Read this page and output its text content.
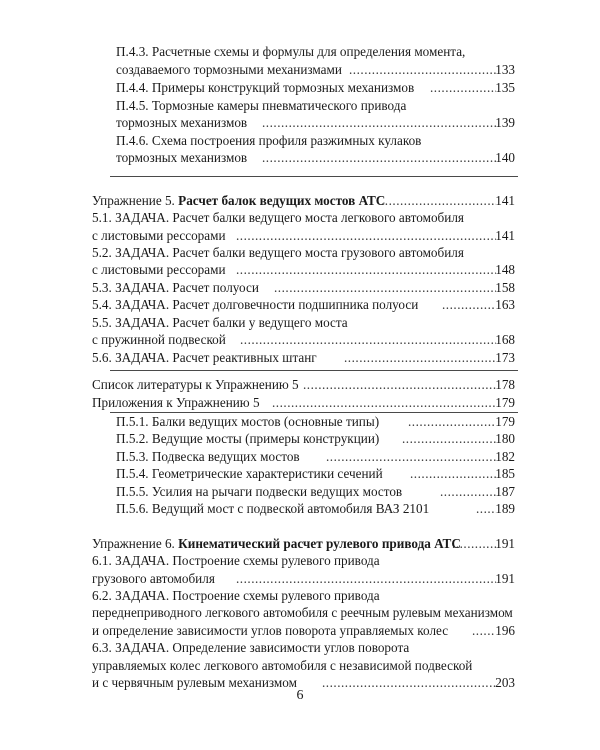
П.4.3. Расчетные схемы и формулы для определения момента,
создаваемого тормозными механизмами .....	133
П.4.4. Примеры конструкций тормозных механизмов .....	135
П.4.5. Тормозные камеры пневматического привода
тормозных механизмов .....	139
П.4.6. Схема построения профиля разжимных кулаков
тормозных механизмов .....	140
Упражнение 5. Расчет балок ведущих мостов АТС .....	141
5.1. ЗАДАЧА. Расчет балки ведущего моста легкового автомобиля
с листовыми рессорами .....	141
5.2. ЗАДАЧА. Расчет балки ведущего моста грузового автомобиля
с листовыми рессорами .....	148
5.3. ЗАДАЧА. Расчет полуоси .....	158
5.4. ЗАДАЧА. Расчет долговечности подшипника полуоси .....	163
5.5. ЗАДАЧА. Расчет балки у ведущего моста
с пружинной подвеской .....	168
5.6. ЗАДАЧА. Расчет реактивных штанг .....	173
Список литературы к Упражнению 5 .....	178
Приложения к Упражнению 5 .....	179
П.5.1. Балки ведущих мостов (основные типы) .....	179
П.5.2. Ведущие мосты (примеры конструкции) .....	180
П.5.3. Подвеска ведущих мостов .....	182
П.5.4. Геометрические характеристики сечений .....	185
П.5.5. Усилия на рычаги подвески ведущих мостов .....	187
П.5.6. Ведущий мост с подвеской автомобиля ВАЗ 2101 .....	189
Упражнение 6. Кинематический расчет рулевого привода АТС .....	191
6.1. ЗАДАЧА. Построение схемы рулевого привода
грузового автомобиля .....	191
6.2. ЗАДАЧА. Построение схемы рулевого привода
переднеприводного легкового автомобиля с реечным рулевым механизмом
и определение зависимости углов поворота управляемых колес .....	196
6.3. ЗАДАЧА. Определение зависимости углов поворота
управляемых колес легкового автомобиля с независимой подвеской
и с червячным рулевым механизмом .....	203
6
